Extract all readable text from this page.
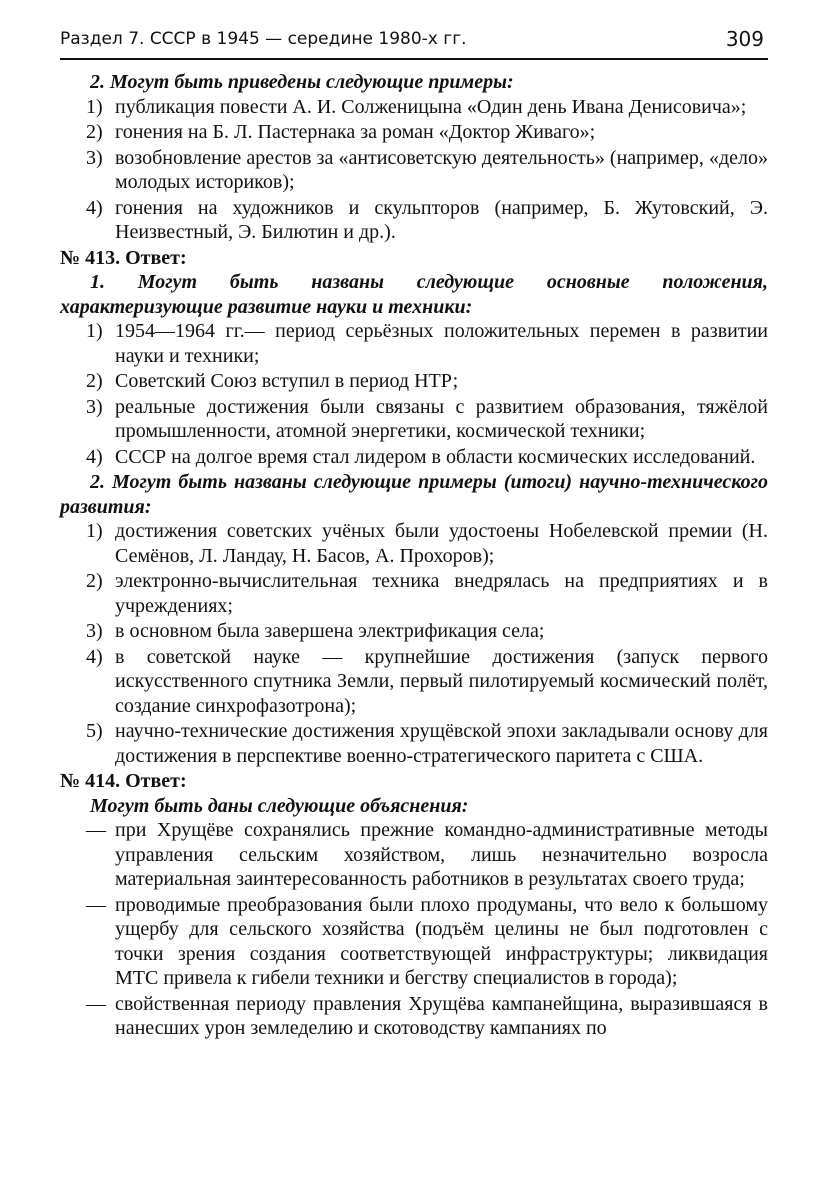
Раздел 7. СССР в 1945 — середине 1980-х гг.	309

2. Могут быть приведены следующие примеры:

1) публикация повести А. И. Солженицына «Один день Ивана Денисовича»;
2) гонения на Б. Л. Пастернака за роман «Доктор Живаго»;
3) возобновление арестов за «антисоветскую деятельность» (например, «дело» молодых историков);
4) гонения на художников и скульпторов (например, Б. Жутовский, Э. Неизвестный, Э. Билютин и др.).

№ 413. Ответ:

1. Могут быть названы следующие основные положения, характеризующие развитие науки и техники:

1) 1954—1964 гг.— период серьёзных положительных перемен в развитии науки и техники;
2) Советский Союз вступил в период НТР;
3) реальные достижения были связаны с развитием образования, тяжёлой промышленности, атомной энергетики, космической техники;
4) СССР на долгое время стал лидером в области космических исследований.

2. Могут быть названы следующие примеры (итоги) научно-технического развития:

1) достижения советских учёных были удостоены Нобелевской премии (Н. Семёнов, Л. Ландау, Н. Басов, А. Прохоров);
2) электронно-вычислительная техника внедрялась на предприятиях и в учреждениях;
3) в основном была завершена электрификация села;
4) в советской науке — крупнейшие достижения (запуск первого искусственного спутника Земли, первый пилотируемый космический полёт, создание синхрофазотрона);
5) научно-технические достижения хрущёвской эпохи закладывали основу для достижения в перспективе военно-стратегического паритета с США.

№ 414. Ответ:

Могут быть даны следующие объяснения:

— при Хрущёве сохранялись прежние командно-административные методы управления сельским хозяйством, лишь незначительно возросла материальная заинтересованность работников в результатах своего труда;
— проводимые преобразования были плохо продуманы, что вело к большому ущербу для сельского хозяйства (подъём целины не был подготовлен с точки зрения создания соответствующей инфраструктуры; ликвидация МТС привела к гибели техники и бегству специалистов в города);
— свойственная периоду правления Хрущёва кампанейщина, выразившаяся в нанесших урон земледелию и скотоводству кампаниях по
